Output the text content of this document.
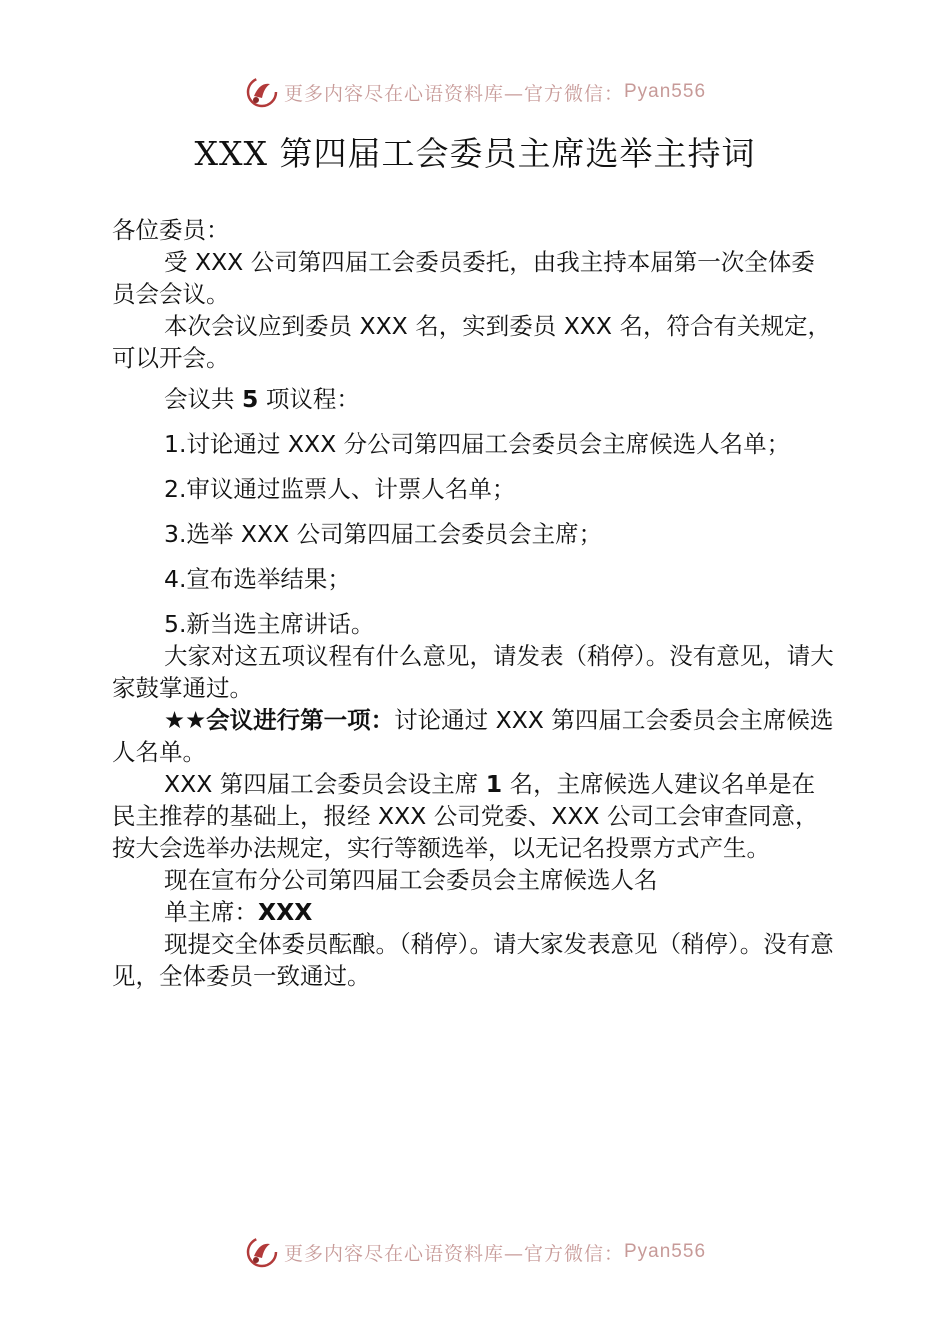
更多内容尽在心语资料库—官方微信： Pyan556
XXX 第四届工会委员主席选举主持词

各位委员：

受 XXX 公司第四届工会委员委托，由我主持本届第一次全体委员会会议。

本次会议应到委员 XXX 名，实到委员 XXX 名，符合有关规定，可以开会。

会议共 5 项议程：

1.讨论通过 XXX 分公司第四届工会委员会主席候选人名单；

2.审议通过监票人、计票人名单；

3.选举 XXX 公司第四届工会委员会主席；

4.宣布选举结果；

5.新当选主席讲话。

大家对这五项议程有什么意见，请发表（稍停）。没有意见，请大家鼓掌通过。

★★会议进行第一项：讨论通过 XXX 第四届工会委员会主席候选人名单。

XXX 第四届工会委员会设主席 1 名，主席候选人建议名单是在民主推荐的基础上，报经 XXX 公司党委、XXX 公司工会审查同意，按大会选举办法规定，实行等额选举，以无记名投票方式产生。

现在宣布分公司第四届工会委员会主席候选人名

单主席：XXX

现提交全体委员酝酿。（稍停）。请大家发表意见（稍停）。没有意见，全体委员一致通过。

更多内容尽在心语资料库—官方微信： Pyan556
